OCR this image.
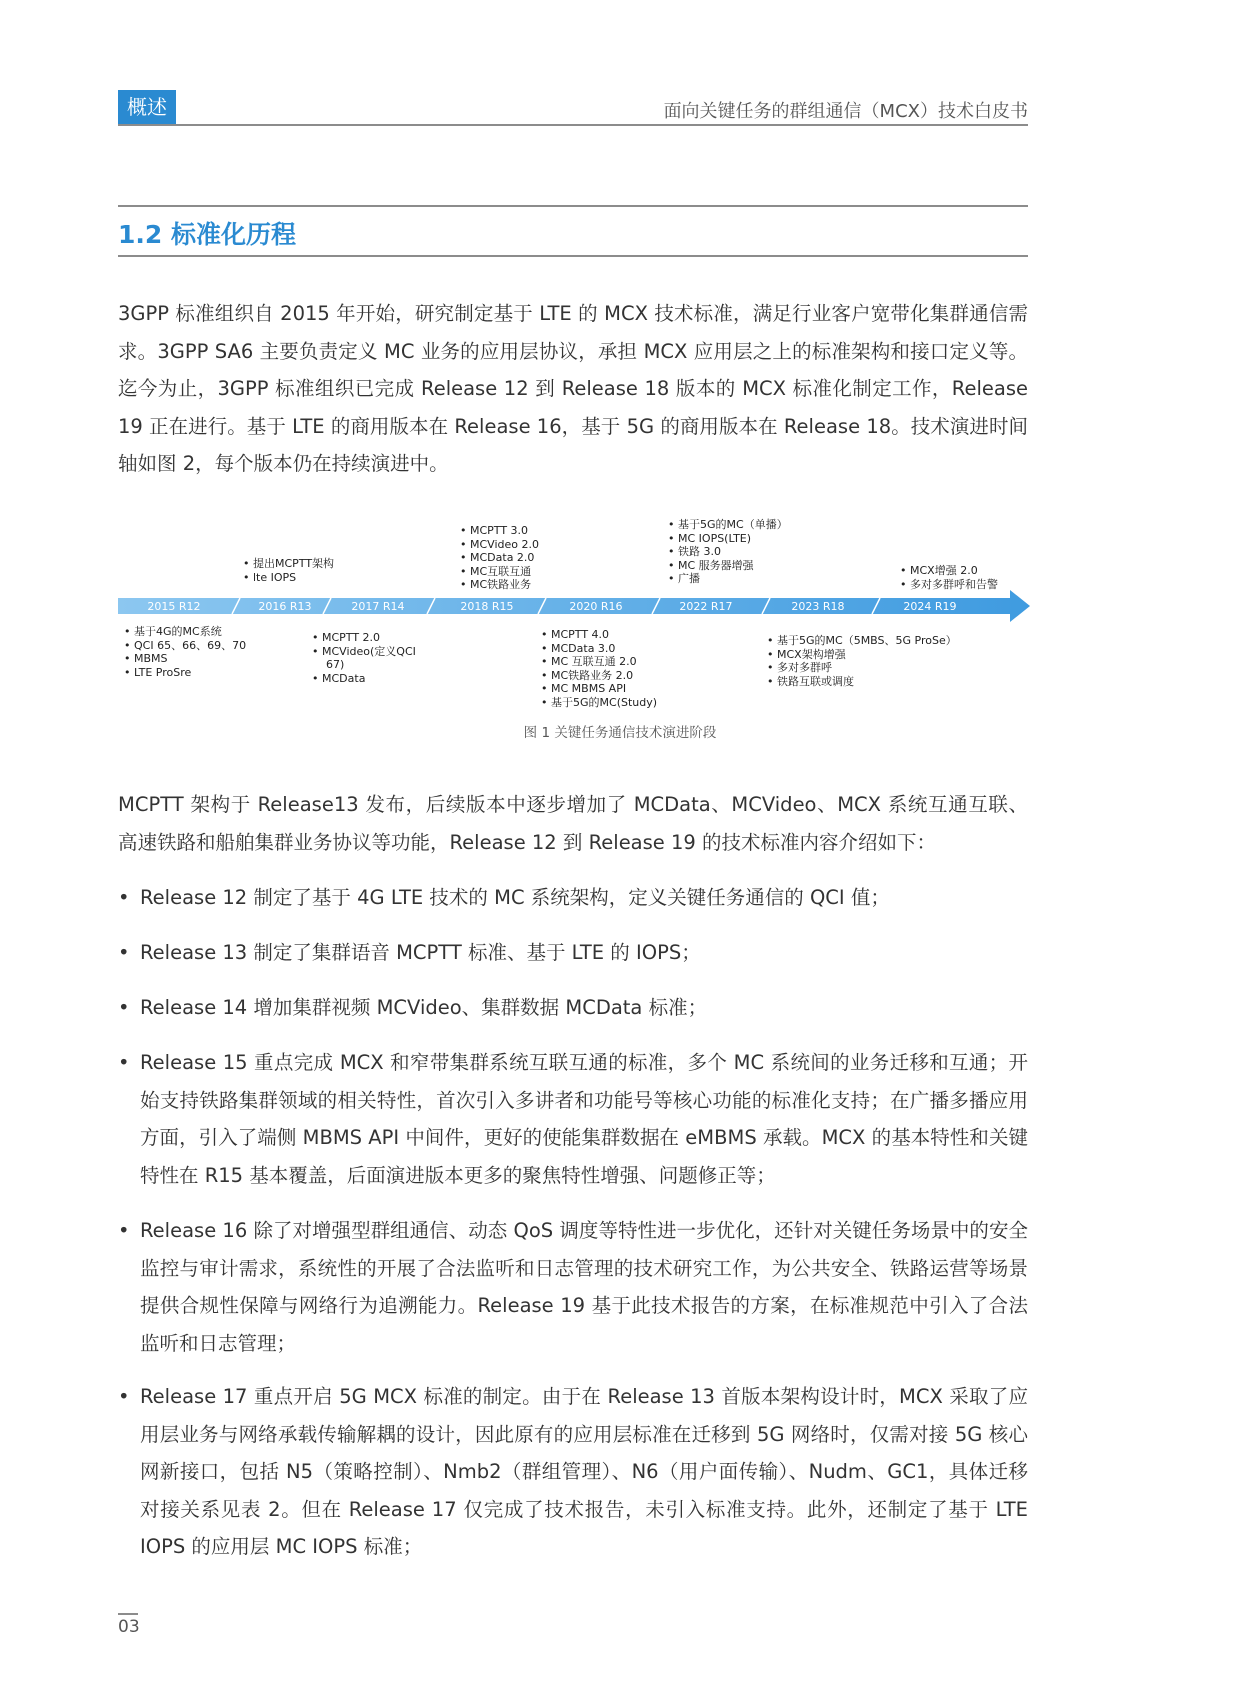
概述	面向关键任务的群组通信（MCX）技术白皮书
1.2 标准化历程
3GPP 标准组织自 2015 年开始，研究制定基于 LTE 的 MCX 技术标准，满足行业客户宽带化集群通信需求。3GPP SA6 主要负责定义 MC 业务的应用层协议，承担 MCX 应用层之上的标准架构和接口定义等。迄今为止，3GPP 标准组织已完成 Release 12 到 Release 18 版本的 MCX 标准化制定工作，Release 19 正在进行。基于 LTE 的商用版本在 Release 16，基于 5G 的商用版本在 Release 18。技术演进时间轴如图 2，每个版本仍在持续演进中。
2015 R12	2016 R13	2017 R14	2018 R15	2020 R16	2022 R17	2023 R18	2024 R19
• 提出MCPTT架构
• lte IOPS
• MCPTT 3.0
• MCVideo 2.0
• MCData 2.0
• MC互联互通
• MC铁路业务
• 基于5G的MC（单播）
• MC IOPS(LTE)
• 铁路 3.0
• MC 服务器增强
• 广播
• MCX增强 2.0
• 多对多群呼和告警
• 基于4G的MC系统
• QCI 65、66、69、70
• MBMS
• LTE ProSre
• MCPTT 2.0
• MCVideo(定义QCI
67)
• MCData
• MCPTT 4.0
• MCData 3.0
• MC 互联互通 2.0
• MC铁路业务 2.0
• MC MBMS API
• 基于5G的MC(Study)
• 基于5G的MC（5MBS、5G ProSe）
• MCX架构增强
• 多对多群呼
• 铁路互联或调度
图 1 关键任务通信技术演进阶段
MCPTT 架构于 Release13 发布，后续版本中逐步增加了 MCData、MCVideo、MCX 系统互通互联、高速铁路和船舶集群业务协议等功能，Release 12 到 Release 19 的技术标准内容介绍如下：
• Release 12 制定了基于 4G LTE 技术的 MC 系统架构，定义关键任务通信的 QCI 值；
• Release 13 制定了集群语音 MCPTT 标准、基于 LTE 的 IOPS；
• Release 14 增加集群视频 MCVideo、集群数据 MCData 标准；
• Release 15 重点完成 MCX 和窄带集群系统互联互通的标准，多个 MC 系统间的业务迁移和互通；开始支持铁路集群领域的相关特性，首次引入多讲者和功能号等核心功能的标准化支持；在广播多播应用方面，引入了端侧 MBMS API 中间件，更好的使能集群数据在 eMBMS 承载。MCX 的基本特性和关键特性在 R15 基本覆盖，后面演进版本更多的聚焦特性增强、问题修正等；
• Release 16 除了对增强型群组通信、动态 QoS 调度等特性进一步优化，还针对关键任务场景中的安全监控与审计需求，系统性的开展了合法监听和日志管理的技术研究工作，为公共安全、铁路运营等场景提供合规性保障与网络行为追溯能力。Release 19 基于此技术报告的方案，在标准规范中引入了合法监听和日志管理；
• Release 17 重点开启 5G MCX 标准的制定。由于在 Release 13 首版本架构设计时，MCX 采取了应用层业务与网络承载传输解耦的设计，因此原有的应用层标准在迁移到 5G 网络时，仅需对接 5G 核心网新接口，包括 N5（策略控制）、Nmb2（群组管理）、N6（用户面传输）、Nudm、GC1，具体迁移对接关系见表 2。但在 Release 17 仅完成了技术报告，未引入标准支持。此外，还制定了基于 LTE IOPS 的应用层 MC IOPS 标准；
03
